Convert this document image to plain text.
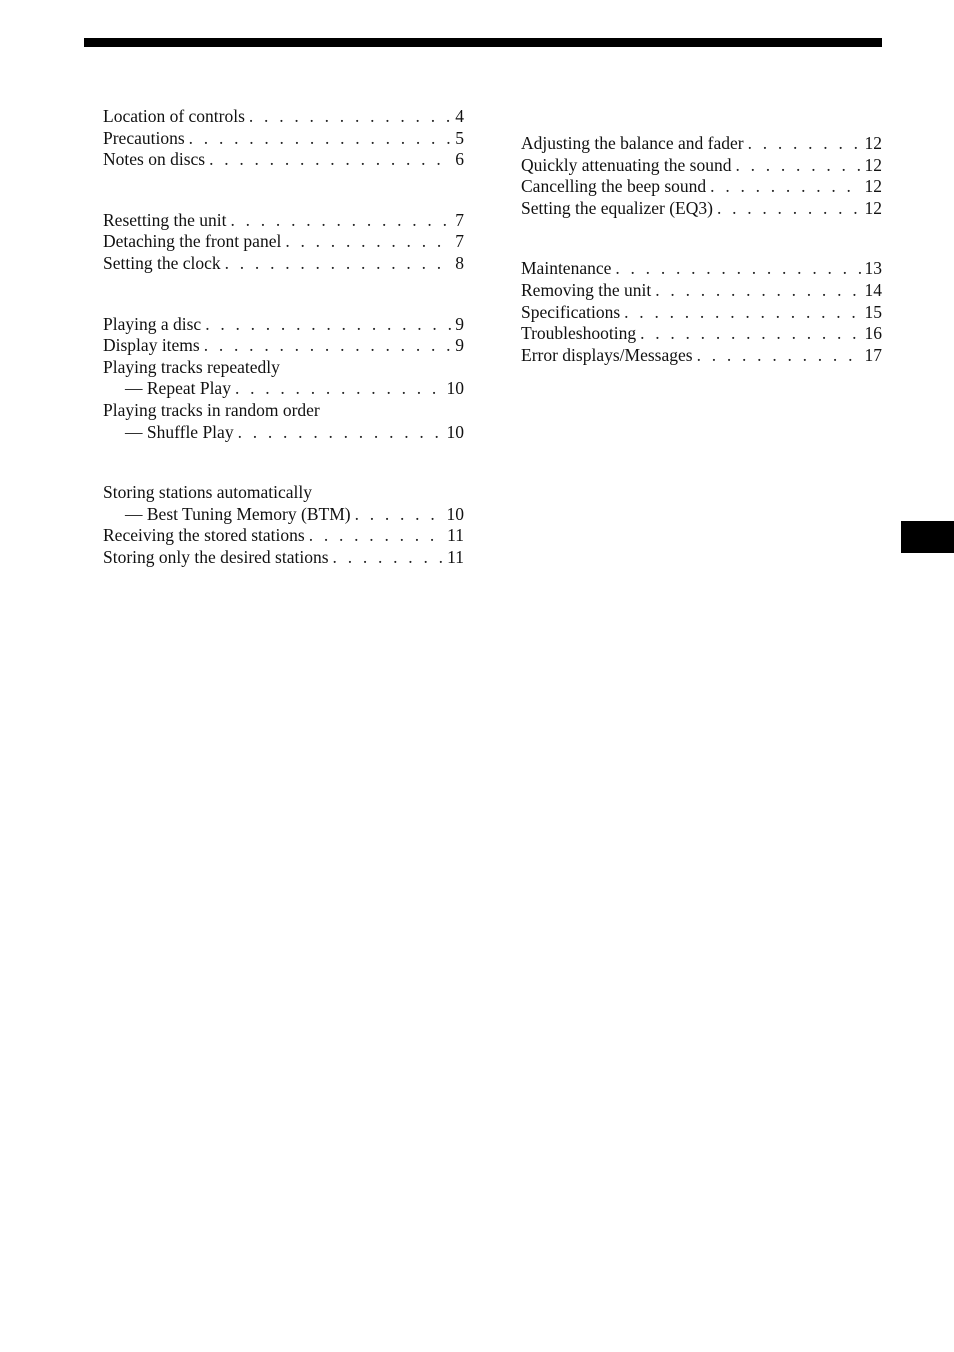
Location of controls . . .	4
Precautions . . .	5
Notes on discs . . .	6
Resetting the unit . . .	7
Detaching the front panel . . .	7
Setting the clock . . .	8
Playing a disc . . .	9
Display items . . .	9
Playing tracks repeatedly
— Repeat Play . . .	10
Playing tracks in random order
— Shuffle Play . . .	10
Storing stations automatically
— Best Tuning Memory (BTM) . . .	10
Receiving the stored stations . . .	11
Storing only the desired stations . . .	11
Adjusting the balance and fader . . .	12
Quickly attenuating the sound . . .	12
Cancelling the beep sound . . .	12
Setting the equalizer (EQ3) . . .	12
Maintenance . . .	13
Removing the unit . . .	14
Specifications . . .	15
Troubleshooting . . .	16
Error displays/Messages . . .	17
